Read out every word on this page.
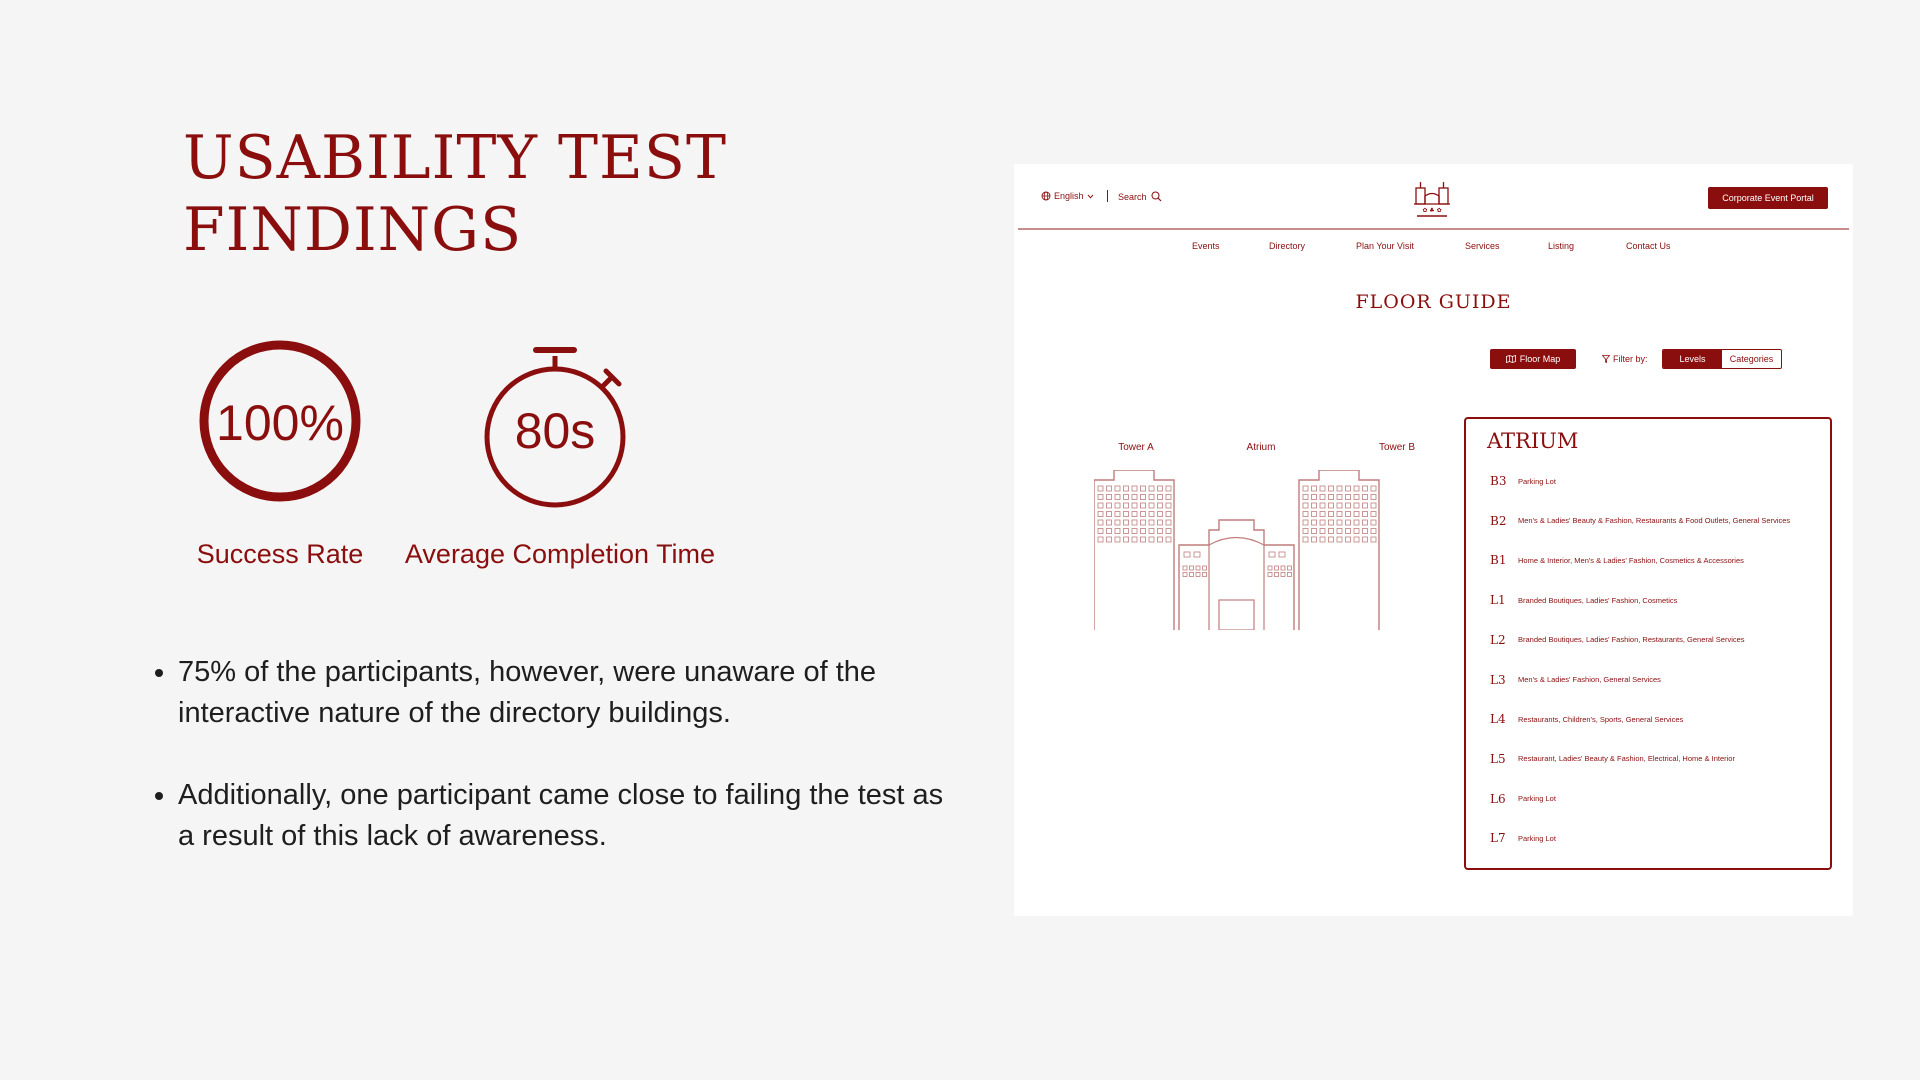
USABILITY TEST
FINDINGS
100%
Success Rate
80s
Average Completion Time
• 75% of the participants, however, were unaware of the interactive nature of the directory buildings.
• Additionally, one participant came close to failing the test as a result of this lack of awareness.
English	Search
✿ ♣ ✿
Corporate Event Portal
Events	Directory	Plan Your Visit	Services	Listing	Contact Us
FLOOR GUIDE
Floor Map	Filter by:	Levels	Categories
Tower A	Atrium	Tower B	ATRIUM
B3	Parking Lot
B2	Men's & Ladies' Beauty & Fashion, Restaurants & Food Outlets, General Services
B1	Home & Interior, Men's & Ladies' Fashion, Cosmetics & Accessories
L1	Branded Boutiques, Ladies' Fashion, Cosmetics
L2	Branded Boutiques, Ladies' Fashion, Restaurants, General Services
L3	Men's & Ladies' Fashion, General Services
L4	Restaurants, Children's, Sports, General Services
L5	Restaurant, Ladies' Beauty & Fashion, Electrical, Home & Interior
L6	Parking Lot
L7	Parking Lot
